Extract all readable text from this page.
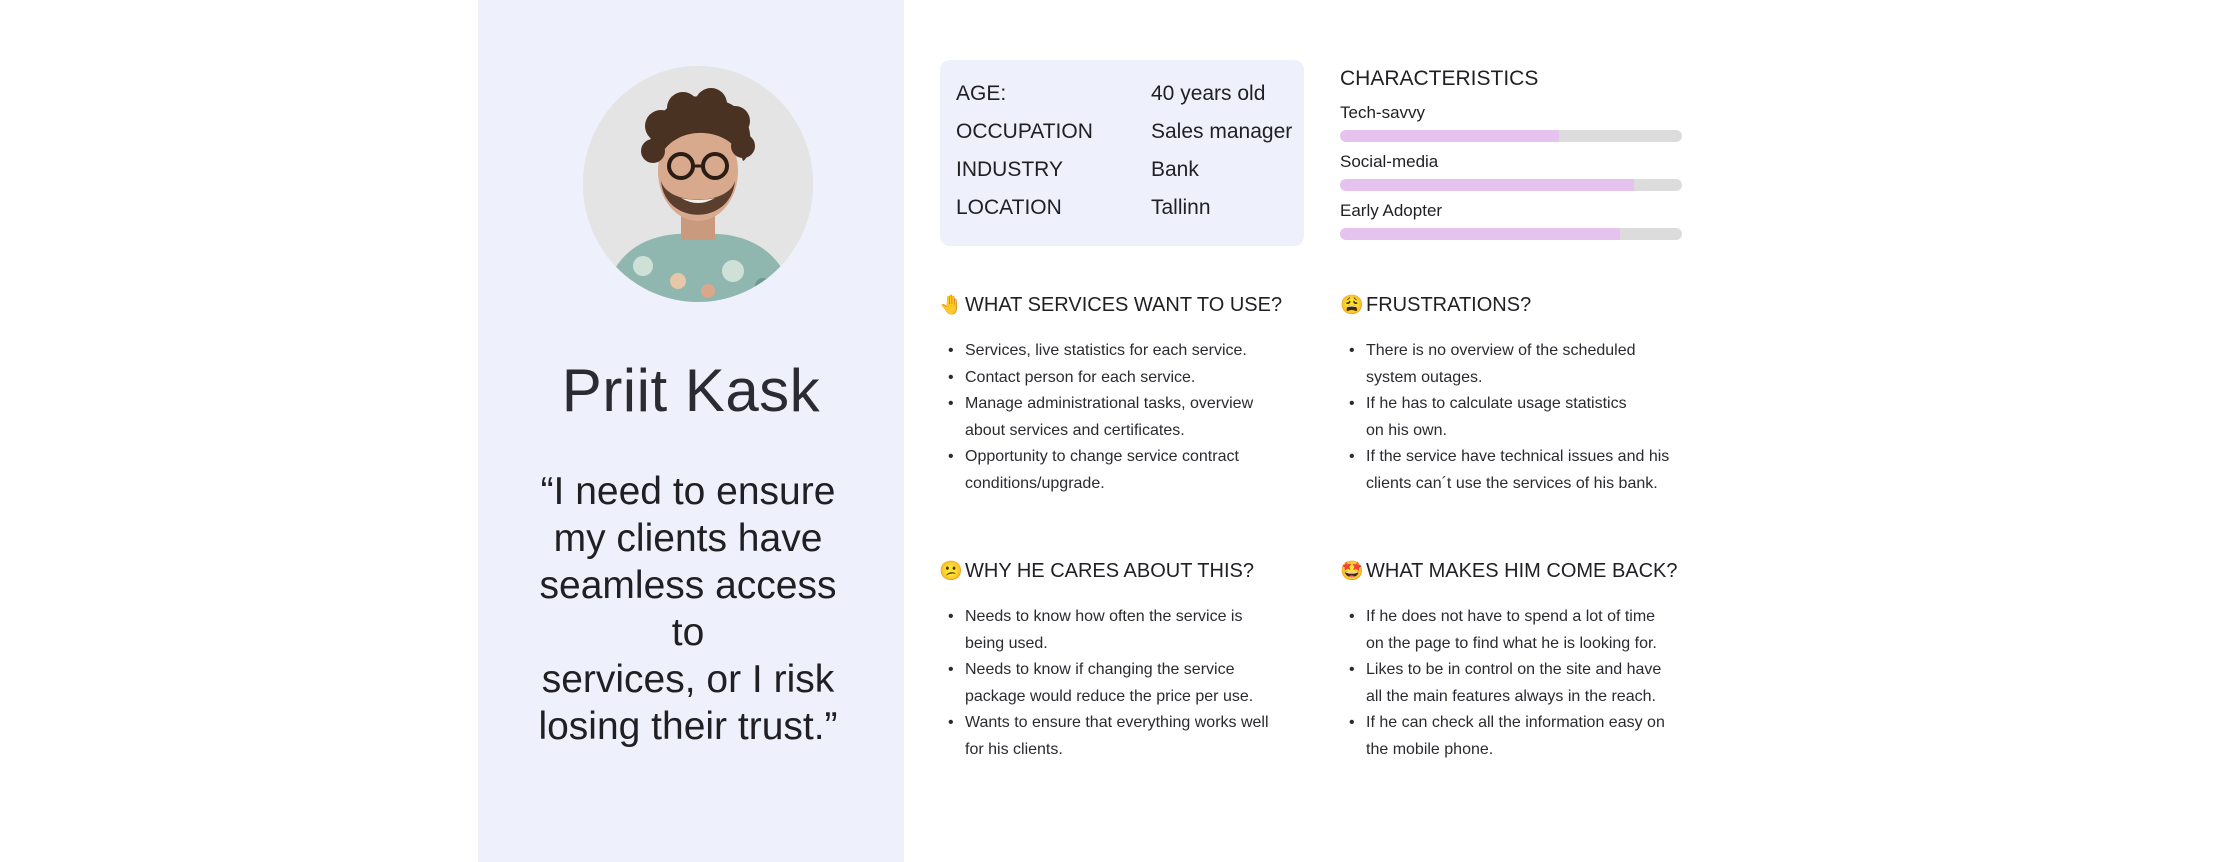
Priit Kask
“I need to ensure
my clients have
seamless access to
services, or I risk
losing their trust.”
AGE:	40 years old
OCCUPATION	Sales manager
INDUSTRY	Bank
LOCATION	Tallinn
CHARACTERISTICS
Tech-savvy
Social-media
Early Adopter
🤚 WHAT SERVICES WANT TO USE?
• Services, live statistics for each service.
• Contact person for each service.
• Manage administrational tasks, overview
about services and certificates.
• Opportunity to change service contract
conditions/upgrade.
😩 FRUSTRATIONS?
• There is no overview of the scheduled
system outages.
• If he has to calculate usage statistics
on his own.
• If the service have technical issues and his
clients can´t use the services of his bank.
😕 WHY HE CARES ABOUT THIS?
• Needs to know how often the service is
being used.
• Needs to know if changing the service
package would reduce the price per use.
• Wants to ensure that everything works well
for his clients.
🤩 WHAT MAKES HIM COME BACK?
• If he does not have to spend a lot of time
on the page to find what he is looking for.
• Likes to be in control on the site and have
all the main features always in the reach.
• If he can check all the information easy on
the mobile phone.
